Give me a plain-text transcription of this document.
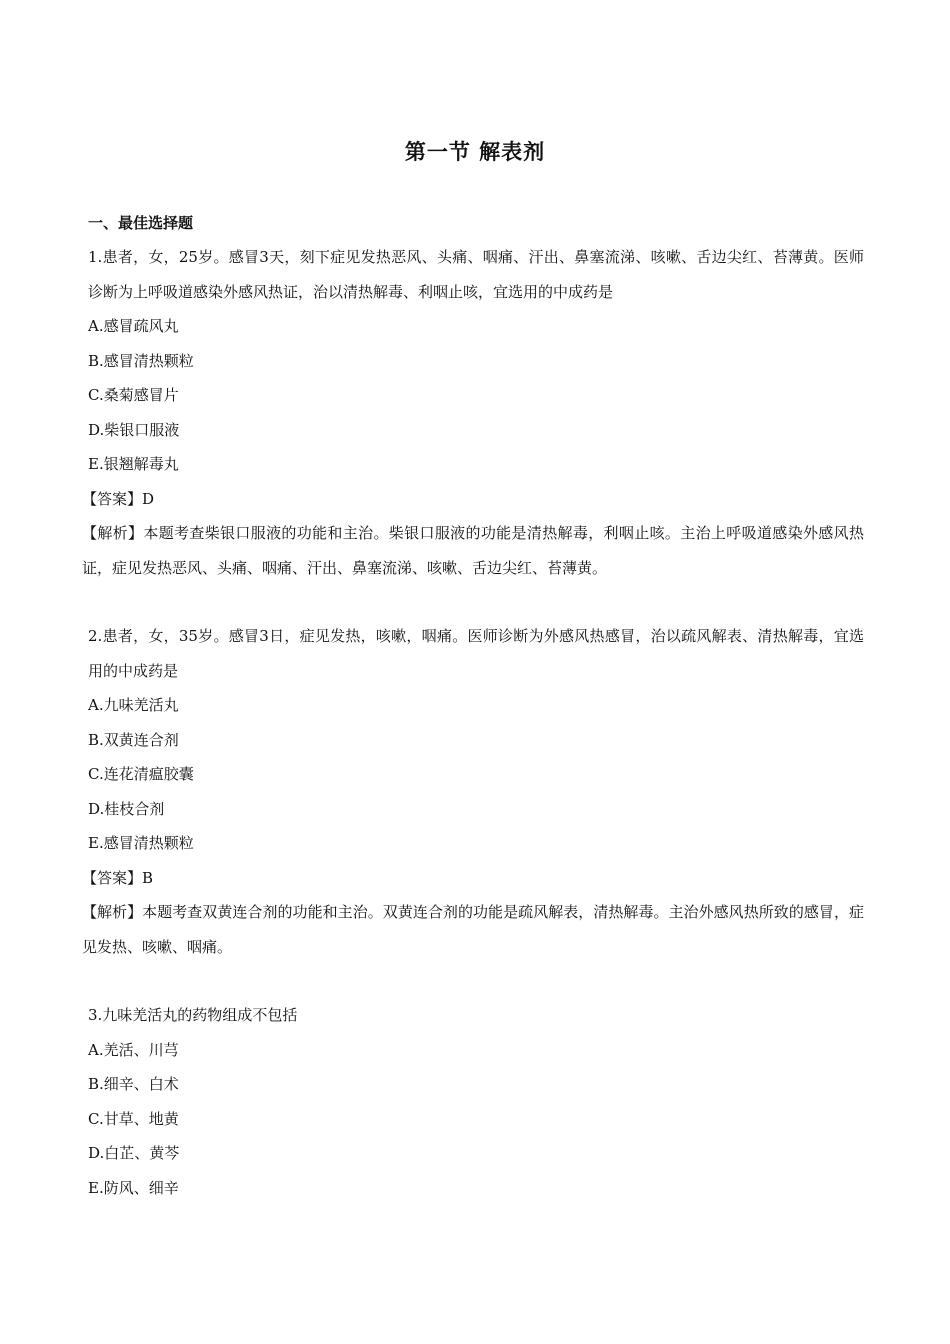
第一节 解表剂
一、最佳选择题

1.患者，女，25岁。感冒3天，刻下症见发热恶风、头痛、咽痛、汗出、鼻塞流涕、咳嗽、舌边尖红、苔薄黄。医师诊断为上呼吸道感染外感风热证，治以清热解毒、利咽止咳，宜选用的中成药是

A.感冒疏风丸

B.感冒清热颗粒

C.桑菊感冒片

D.柴银口服液

E.银翘解毒丸

【答案】D

【解析】本题考查柴银口服液的功能和主治。柴银口服液的功能是清热解毒，利咽止咳。主治上呼吸道感染外感风热证，症见发热恶风、头痛、咽痛、汗出、鼻塞流涕、咳嗽、舌边尖红、苔薄黄。

2.患者，女，35岁。感冒3日，症见发热，咳嗽，咽痛。医师诊断为外感风热感冒，治以疏风解表、清热解毒，宜选用的中成药是

A.九味羌活丸

B.双黄连合剂

C.连花清瘟胶囊

D.桂枝合剂

E.感冒清热颗粒

【答案】B

【解析】本题考查双黄连合剂的功能和主治。双黄连合剂的功能是疏风解表，清热解毒。主治外感风热所致的感冒，症见发热、咳嗽、咽痛。

3.九味羌活丸的药物组成不包括

A.羌活、川芎

B.细辛、白术

C.甘草、地黄

D.白芷、黄芩

E.防风、细辛
